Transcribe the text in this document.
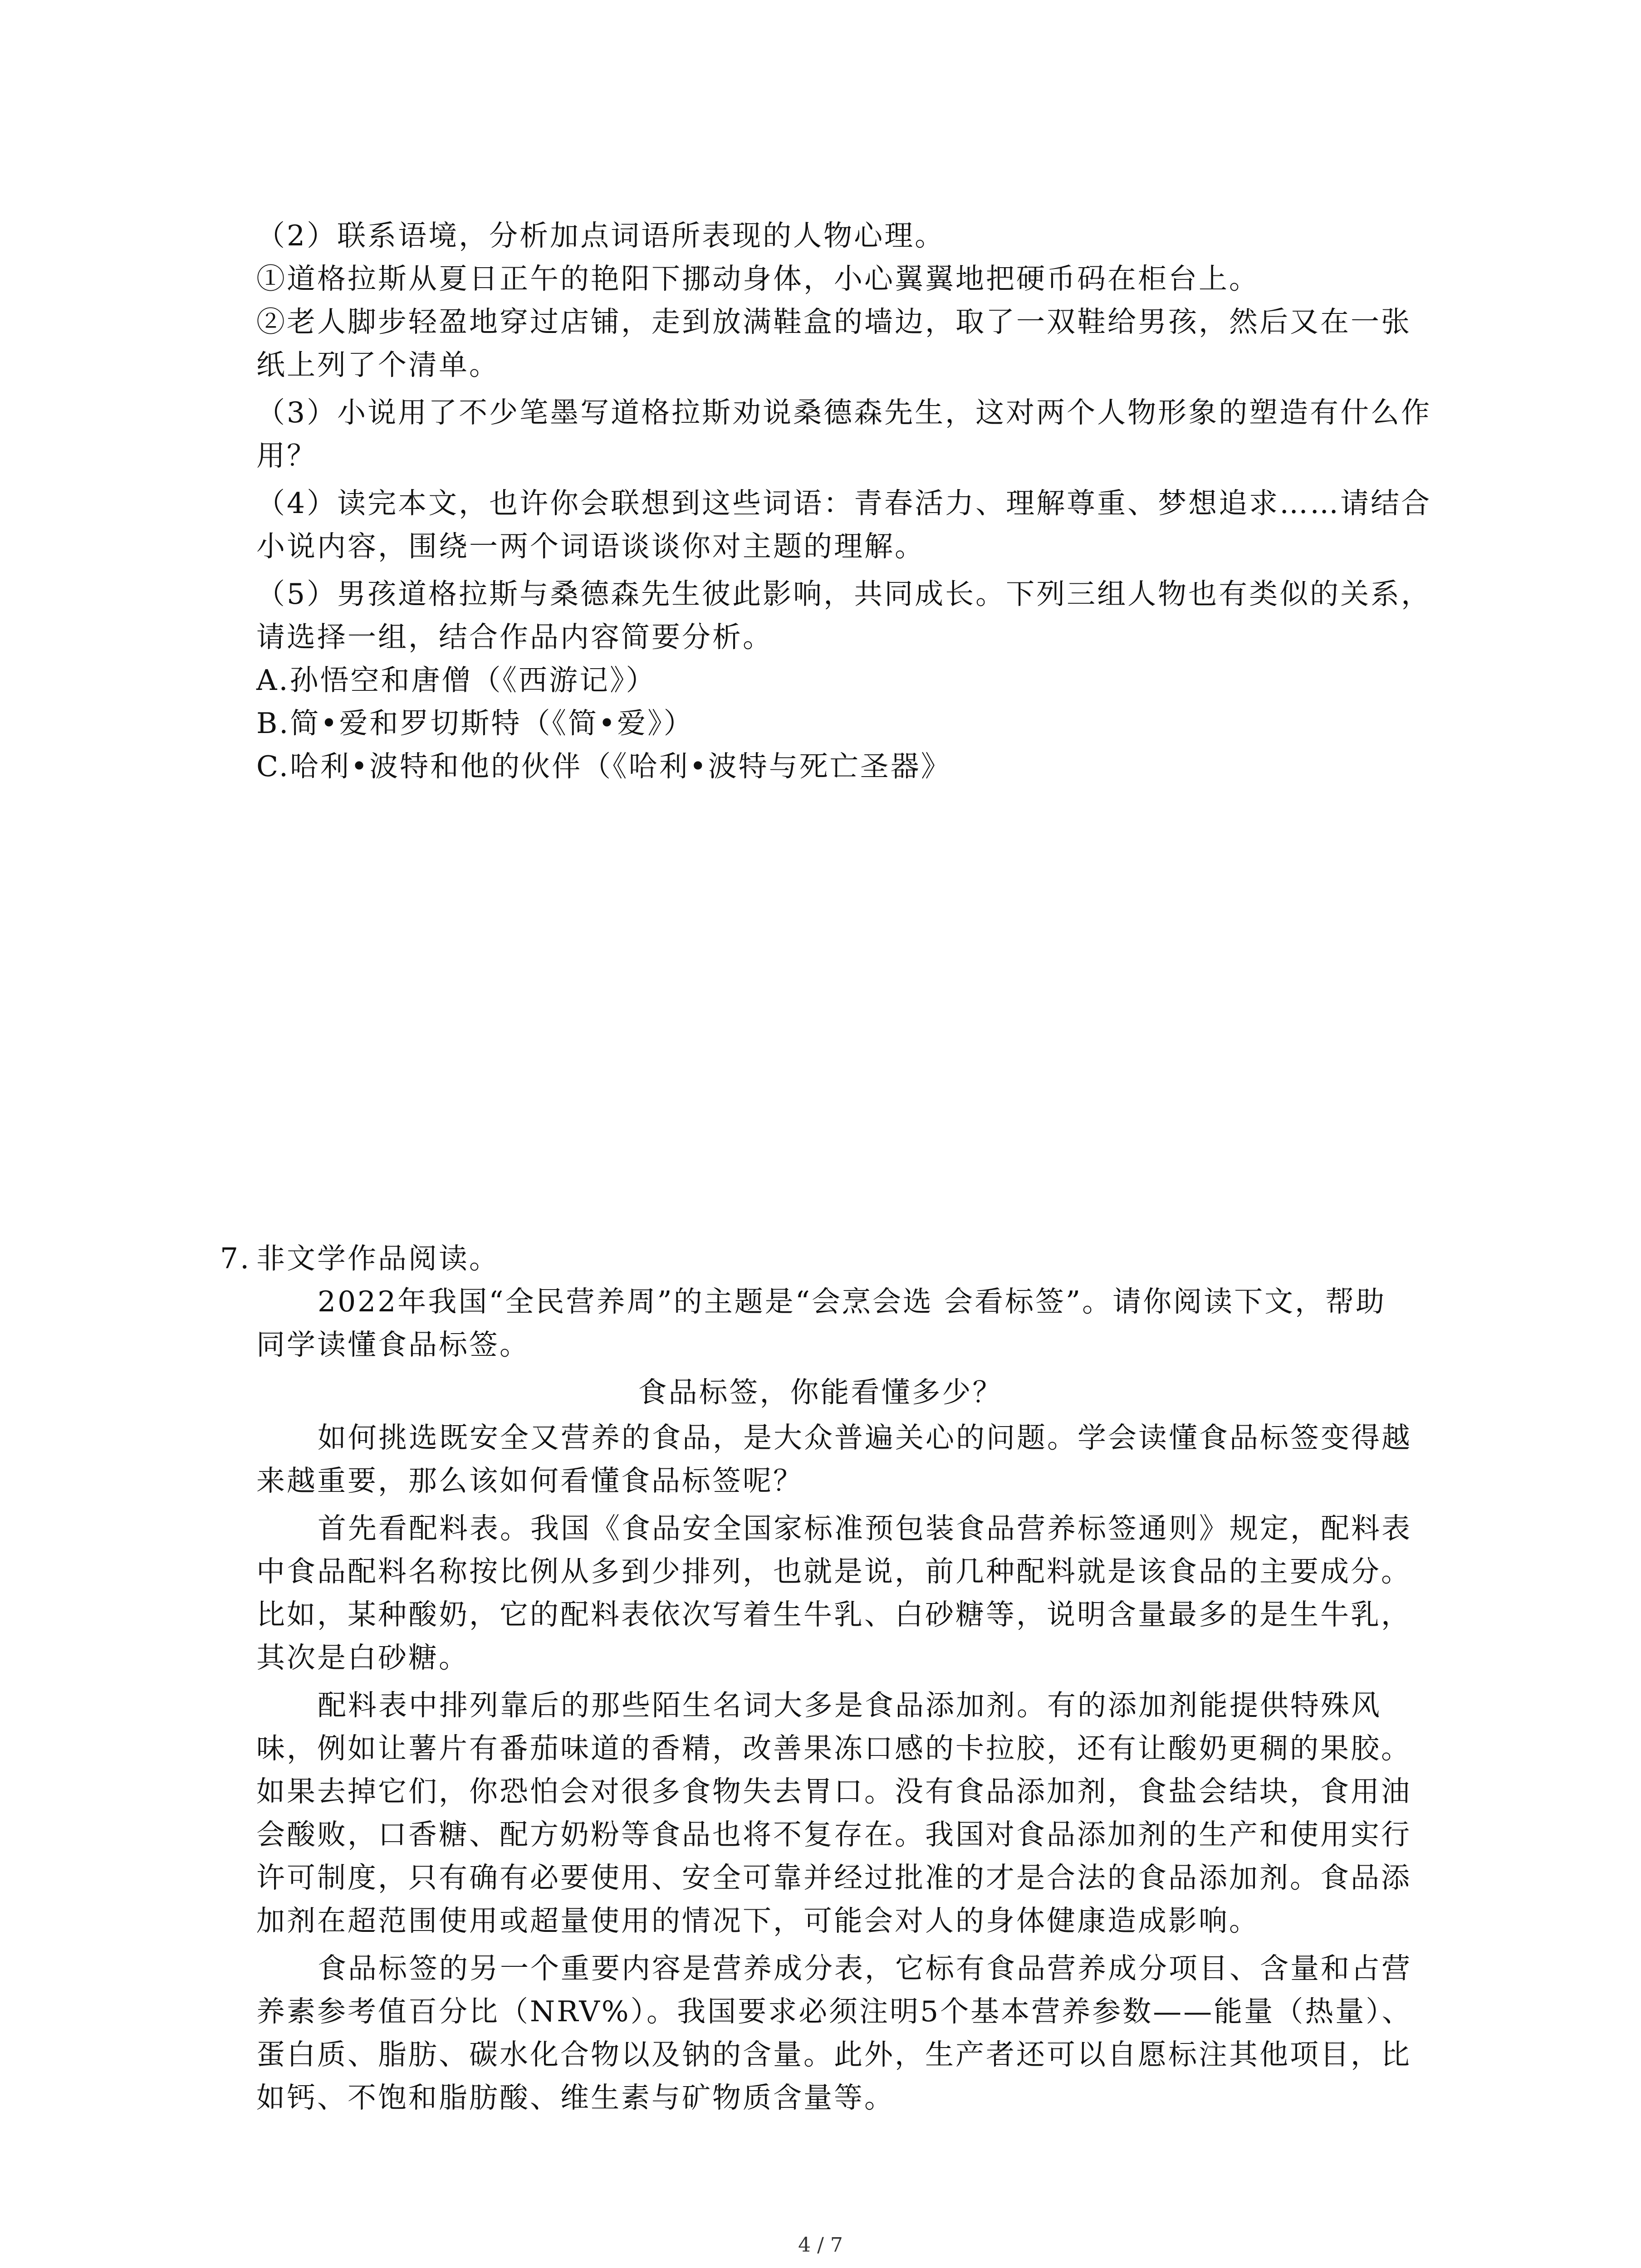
（2）联系语境，分析加点词语所表现的人物心理。
①道格拉斯从夏日正午的艳阳下挪动身体，小心翼翼地把硬币码在柜台上。
②老人脚步轻盈地穿过店铺，走到放满鞋盒的墙边，取了一双鞋给男孩，然后又在一张
纸上列了个清单。
（3）小说用了不少笔墨写道格拉斯劝说桑德森先生，这对两个人物形象的塑造有什么作
用？
（4）读完本文，也许你会联想到这些词语：青春活力、理解尊重、梦想追求……请结合
小说内容，围绕一两个词语谈谈你对主题的理解。
（5）男孩道格拉斯与桑德森先生彼此影响，共同成长。下列三组人物也有类似的关系，
请选择一组，结合作品内容简要分析。
A.孙悟空和唐僧（《西游记》）
B.简•爱和罗切斯特（《简•爱》）
C.哈利•波特和他的伙伴（《哈利•波特与死亡圣器》
7. 非文学作品阅读。
2022年我国“全民营养周”的主题是“会烹会选 会看标签”。请你阅读下文，帮助
同学读懂食品标签。
食品标签，你能看懂多少？
如何挑选既安全又营养的食品，是大众普遍关心的问题。学会读懂食品标签变得越
来越重要，那么该如何看懂食品标签呢？
首先看配料表。我国《食品安全国家标准预包装食品营养标签通则》规定，配料表
中食品配料名称按比例从多到少排列，也就是说，前几种配料就是该食品的主要成分。
比如，某种酸奶，它的配料表依次写着生牛乳、白砂糖等，说明含量最多的是生牛乳，
其次是白砂糖。
配料表中排列靠后的那些陌生名词大多是食品添加剂。有的添加剂能提供特殊风
味，例如让薯片有番茄味道的香精，改善果冻口感的卡拉胶，还有让酸奶更稠的果胶。
如果去掉它们，你恐怕会对很多食物失去胃口。没有食品添加剂，食盐会结块，食用油
会酸败，口香糖、配方奶粉等食品也将不复存在。我国对食品添加剂的生产和使用实行
许可制度，只有确有必要使用、安全可靠并经过批准的才是合法的食品添加剂。食品添
加剂在超范围使用或超量使用的情况下，可能会对人的身体健康造成影响。
食品标签的另一个重要内容是营养成分表，它标有食品营养成分项目、含量和占营
养素参考值百分比（NRV%）。我国要求必须注明5个基本营养参数——能量（热量）、
蛋白质、脂肪、碳水化合物以及钠的含量。此外，生产者还可以自愿标注其他项目，比
如钙、不饱和脂肪酸、维生素与矿物质含量等。
4 / 7
